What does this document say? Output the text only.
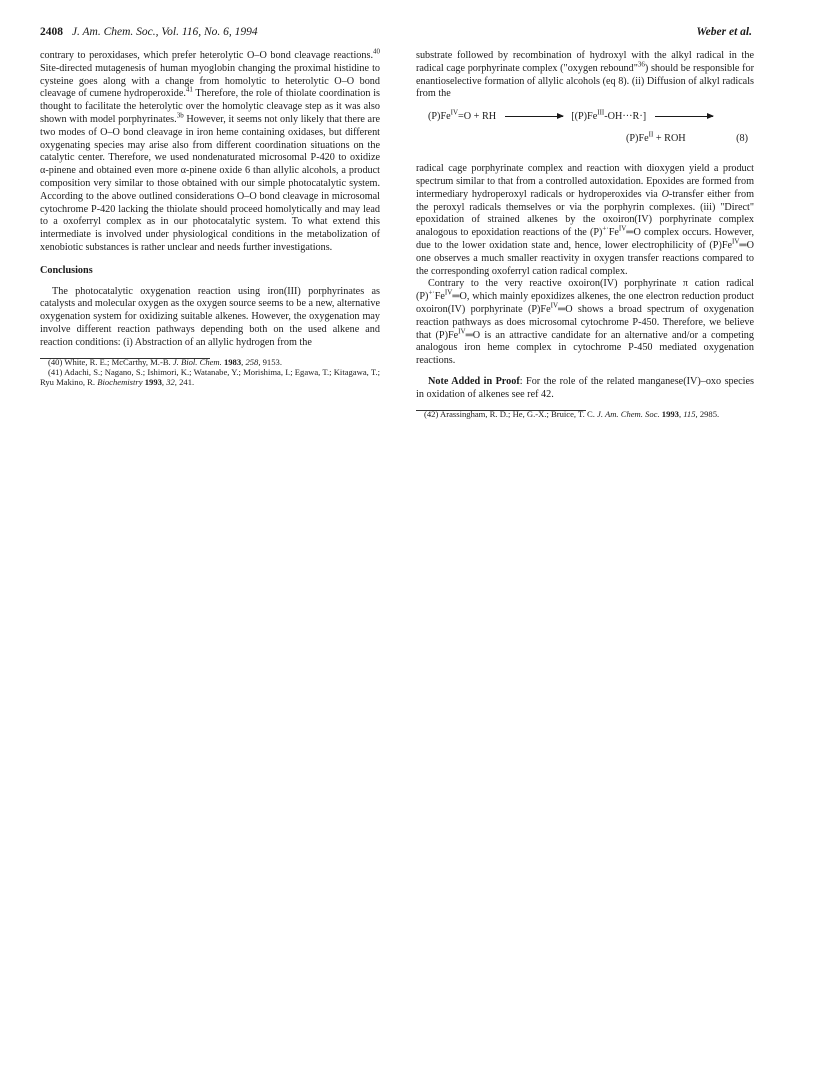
2408 J. Am. Chem. Soc., Vol. 116, No. 6, 1994	Weber et al.

contrary to peroxidases, which prefer heterolytic O–O bond cleavage reactions.$^{40}$ Site-directed mutagenesis of human myoglobin changing the proximal histidine to cysteine goes along with a change from homolytic to heterolytic O–O bond cleavage of cumene hydroperoxide.$^{41}$ Therefore, the role of thiolate coordination is thought to facilitate the heterolytic over the homolytic cleavage step as it was also shown with model porphyrinates.$^{3b}$ However, it seems not only likely that there are two modes of O–O bond cleavage in iron heme containing oxidases, but different oxygenating species may arise also from different coordination situations on the catalytic center. Therefore, we used nondenaturated microsomal P-420 to oxidize α-pinene and obtained even more α-pinene oxide 6 than allylic alcohols, a product composition very similar to those obtained with our simple photocatalytic system. According to the above outlined considerations O–O bond cleavage in microsomal cytochrome P-420 lacking the thiolate should proceed homolytically and may lead to a oxoferryl complex as in our photocatalytic system. To what extend this intermediate is involved under physiological conditions in the metabolization of xenobiotic substances is rather unclear and needs further investigations.

Conclusions

The photocatalytic oxygenation reaction using iron(III) porphyrinates as catalysts and molecular oxygen as the oxygen source seems to be a new, alternative oxygenation system for oxidizing suitable alkenes. However, the oxygenation may involve different reaction pathways depending both on the used alkene and reaction conditions: (i) Abstraction of an allylic hydrogen from the

(40) White, R. E.; McCarthy, M.-B. J. Biol. Chem. 1983, 258, 9153.

(41) Adachi, S.; Nagano, S.; Ishimori, K.; Watanabe, Y.; Morishima, I.; Egawa, T.; Kitagawa, T.; Ryu Makino, R. Biochemistry 1993, 32, 241.

substrate followed by recombination of hydroxyl with the alkyl radical in the radical cage porphyrinate complex ("oxygen rebound"$^{36}$) should be responsible for enantioselective formation of allylic alcohols (eq 8). (ii) Diffusion of alkyl radicals from the

$(P)Fe^{IV}=O$ + RH	$[(P)Fe^{III}-OH\cdot\cdot\cdot R\cdot]$
$(P)Fe^{II}$ + ROH	(8)

radical cage porphyrinate complex and reaction with dioxygen yield a product spectrum similar to that from a controlled autoxidation. Epoxides are formed from intermediary hydroperoxyl radicals or hydroperoxides via O-transfer either from the peroxyl radicals themselves or via the porphyrin complexes. (iii) "Direct" epoxidation of strained alkenes by the oxoiron(IV) porphyrinate complex analogous to epoxidation reactions of the $(P)^{+\cdot}Fe^{IV}═O$ complex occurs. However, due to the lower oxidation state and, hence, lower electrophilicity of $(P)Fe^{IV}═O$ one observes a much smaller reactivity in oxygen transfer reactions compared to the corresponding oxoferryl cation radical complex.

Contrary to the very reactive oxoiron(IV) porphyrinate π cation radical $(P)^{+\cdot}Fe^{IV}═O$, which mainly epoxidizes alkenes, the one electron reduction product oxoiron(IV) porphyrinate $(P)Fe^{IV}═O$ shows a broad spectrum of oxygenation reaction pathways as does microsomal cytochrome P-450. Therefore, we believe that $(P)Fe^{IV}═O$ is an attractive candidate for an alternative and/or a competing analogous iron heme complex in cytochrome P-450 mediated oxygenation reactions.

Note Added in Proof: For the role of the related manganese(IV)–oxo species in oxidation of alkenes see ref 42.

(42) Arassingham, R. D.; He, G.-X.; Bruice, T. C. J. Am. Chem. Soc. 1993, 115, 2985.
